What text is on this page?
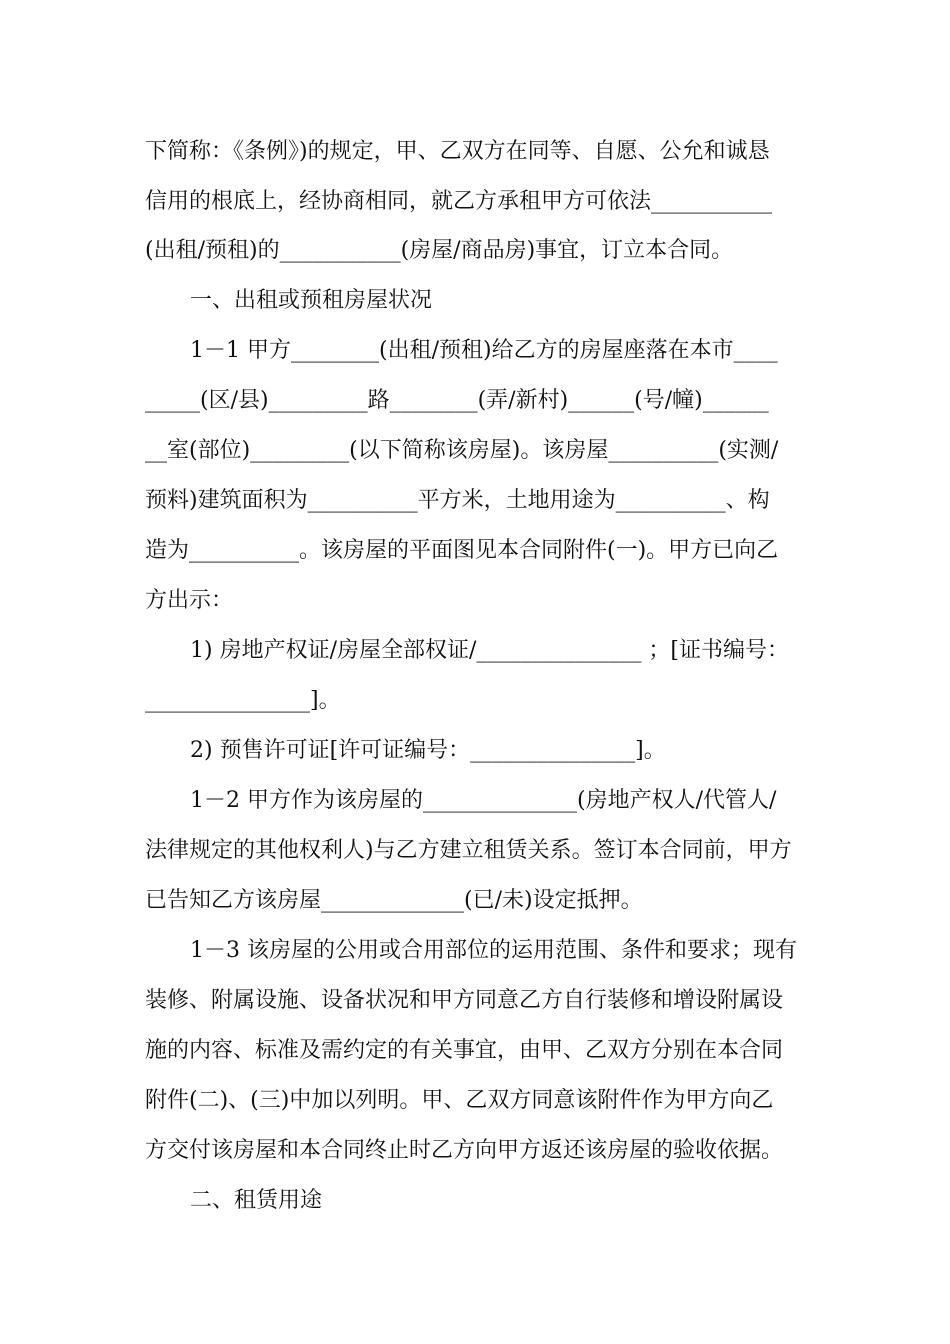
下简称：《条例》)的规定，甲、乙双方在同等、自愿、公允和诚恳
信用的根底上，经协商相同，就乙方承租甲方可依法___________
(出租/预租)的___________(房屋/商品房)事宜，订立本合同。
一、出租或预租房屋状况
1－1 甲方________(出租/预租)给乙方的房屋座落在本市____
_____(区/县)_________路________(弄/新村)______(号/幢)______
__室(部位)_________(以下简称该房屋)。该房屋__________(实测/
预料)建筑面积为__________平方米，土地用途为__________、构
造为__________。该房屋的平面图见本合同附件(一)。甲方已向乙
方出示：
1) 房地产权证/房屋全部权证/_______________ ；[证书编号：
_______________]。
2) 预售许可证[许可证编号：_______________]。
1－2 甲方作为该房屋的______________(房地产权人/代管人/
法律规定的其他权利人)与乙方建立租赁关系。签订本合同前，甲方
已告知乙方该房屋_____________(已/未)设定抵押。
1－3 该房屋的公用或合用部位的运用范围、条件和要求；现有
装修、附属设施、设备状况和甲方同意乙方自行装修和增设附属设
施的内容、标准及需约定的有关事宜，由甲、乙双方分别在本合同
附件(二)、(三)中加以列明。甲、乙双方同意该附件作为甲方向乙
方交付该房屋和本合同终止时乙方向甲方返还该房屋的验收依据。
二、租赁用途
